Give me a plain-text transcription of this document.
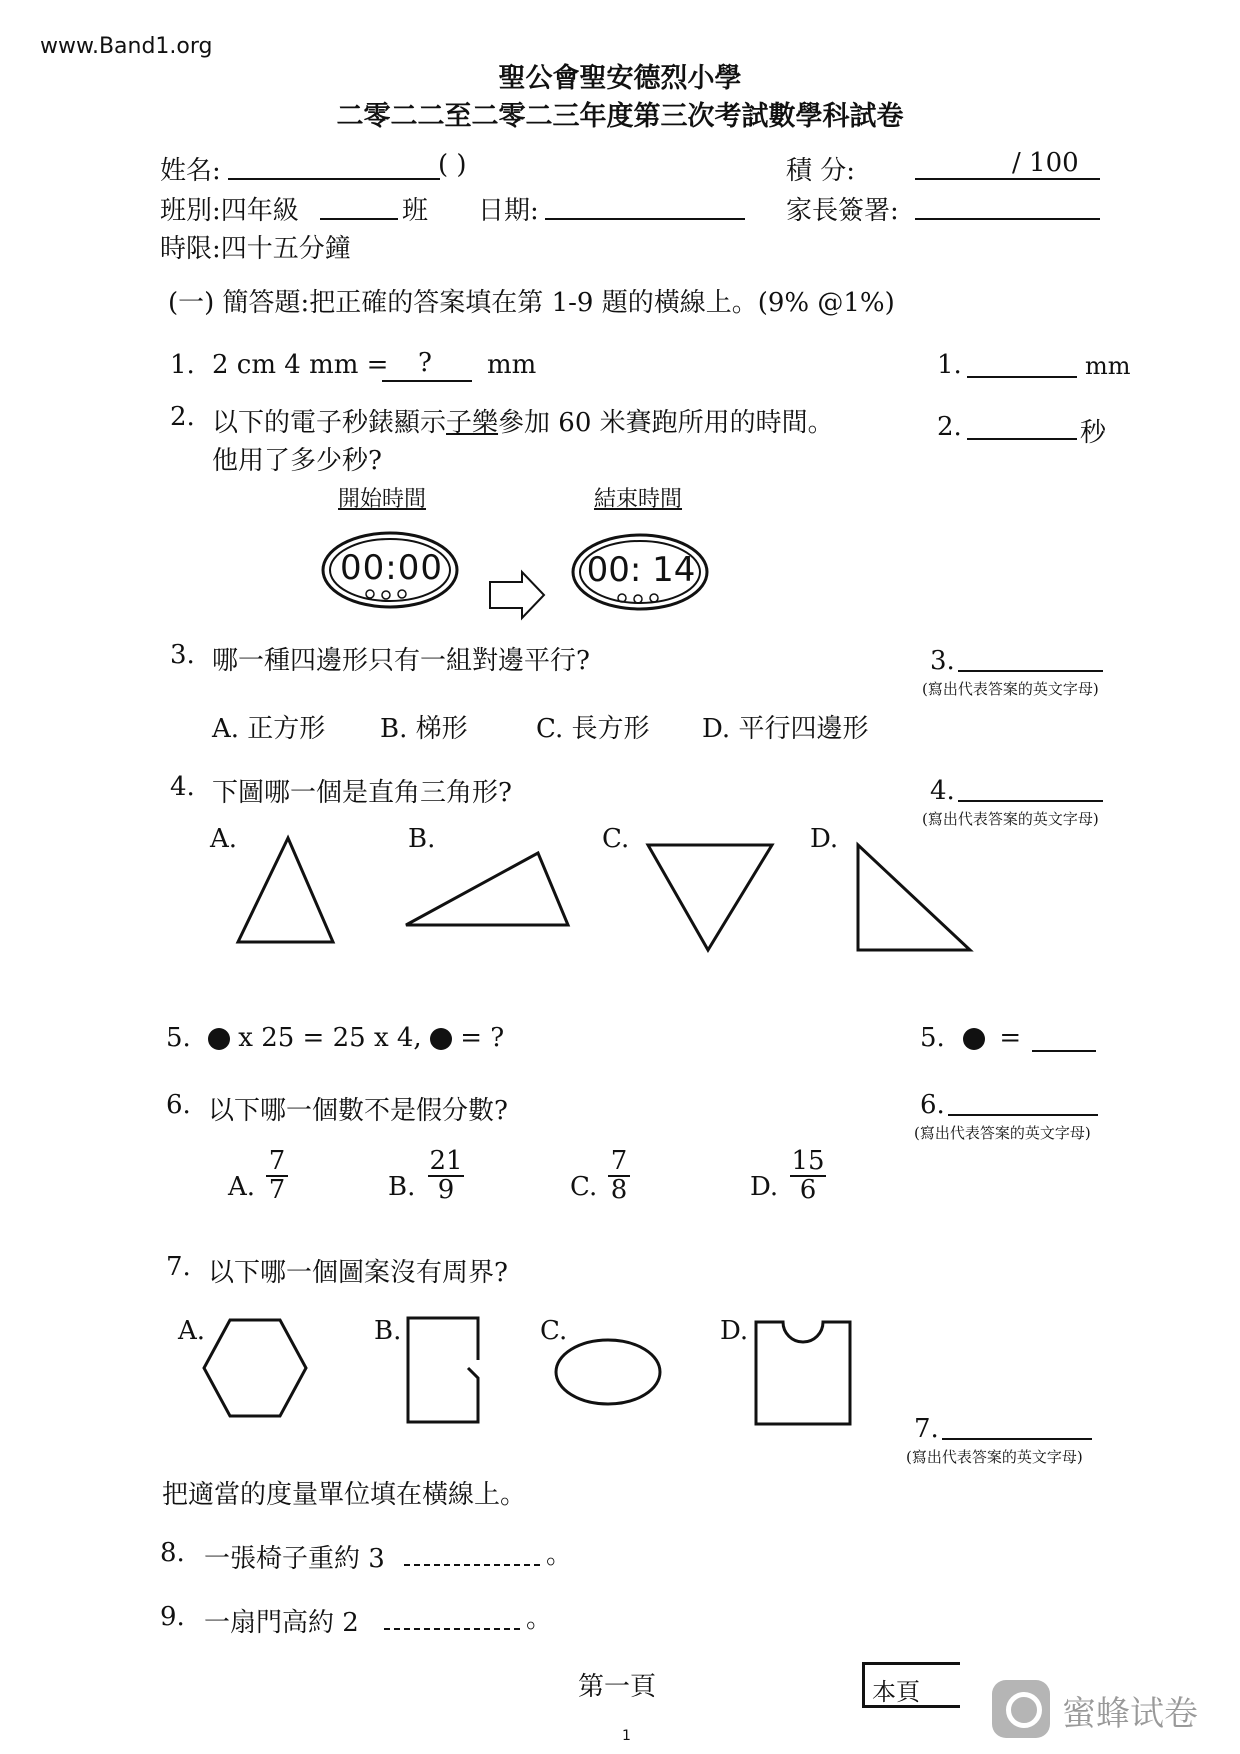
www.Band1.org
聖公會聖安德烈小學
二零二二至二零二三年度第三次考試數學科試卷
姓名:	( )	積 分:	/ 100
班別:四年級	班 日期:	家長簽署:
時限:四十五分鐘
(一) 簡答題:把正確的答案填在第 1-9 題的橫線上。(9% @1%)
1. 2 cm 4 mm = ? mm	1.	mm
2. 以下的電子秒錶顯示子樂參加 60 米賽跑所用的時間。
他用了多少秒?
2.	秒
開始時間	結束時間
00:00	00: 14
3. 哪一種四邊形只有一組對邊平行?	3.
(寫出代表答案的英文字母)
A. 正方形 B. 梯形	C. 長方形 D. 平行四邊形
4. 下圖哪一個是直角三角形?	4.
(寫出代表答案的英文字母)
A.	B.	C.	D.
5.	x 25 = 25 x 4, = ?	5. =
6. 以下哪一個數不是假分數?	6.
(寫出代表答案的英文字母)
A.
7
7	B.
21
9	C.
7
8	D.
15
6
7. 以下哪一個圖案沒有周界?
A.	B.	C.	D.
7.
(寫出代表答案的英文字母)
把適當的度量單位填在橫線上。
8. 一張椅子重約 3	。
9. 一扇門高約 2	。
第一頁	本頁
1
蜜蜂试卷
